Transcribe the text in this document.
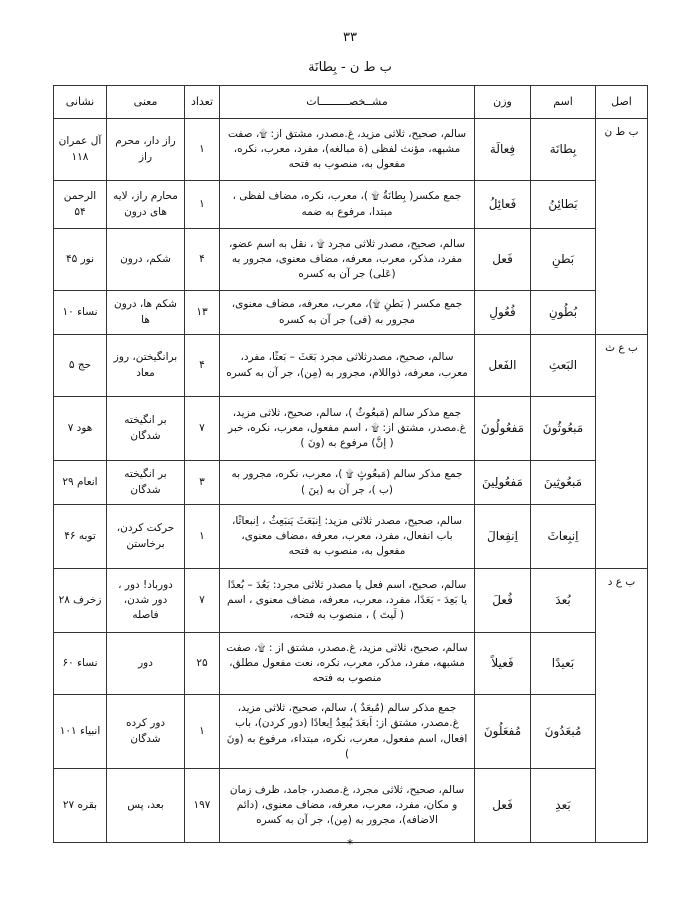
۳۳
ب ط ن - بِطانَة
اصل	اسم	وزن	مشــخصـــــــــات	تعداد	معنی	نشانی
ب ط ن	بِطانَة	فِعالَة	سالم، صحیح، ثلاثی مزید، غ.مصدر، مشتق از: ۩، صفت مشبهه، مؤنث لفظی (ة مبالغه)، مفرد، معرب، نکره، مفعول به، منصوب به فتحه	۱	راز دار، محرم راز	آل عمران ۱۱۸
	بَطائِنُ	فَعائِلُ	جمع مکسر( بِطانَةُ ۩ )، معرب، نکره، مضاف لفظی ، مبتدا، مرفوع به ضمه	۱	محارم راز، لایه های درون	الرحمن ۵۴
	بَطنِ	فَعل	سالم، صحیح، مصدر ثلاثی مجرد ۩ ، نقل به اسم عضو، مفرد، مذکر، معرب، معرفه، مضاف معنوی، مجرور به (عَلی) جر آن به کسره	۴	شکم، درون	نور ۴۵
	بُطُونِ	فُعُولِ	جمع مکسر ( بَطنِ ۩)، معرب، معرفه، مضاف معنوی، مجرور به (فی) جر آن به کسره	۱۳	شکم ها، درون ها	نساء ۱۰
ب ع ث	البَعثِ	الفَعل	سالم، صحیح، مصدرثلاثی مجرد بَعَثَ – بَعثًا، مفرد، معرب، معرفه، ذواللام، مجرور به (مِن)، جر آن به کسره	۴	برانگیختن، روز معاد	حج ۵
	مَبعُوثُونَ	مَفعُولُونَ	جمع مذکر سالم (مَبعُوثٌ )، سالم، صحیح، ثلاثی مزید، غ.مصدر، مشتق از: ۩ ، اسم مفعول، معرب، نکره، خبر ( إنَّ) مرفوع به (ونَ )	۷	بر انگیخته شدگان	هود ۷
	مَبعُوثِینَ	مَفعُولِینَ	جمع مذکر سالم (مَبعُوثٍ ۩ )، معرب، نکره، مجرور به (ب )، جر آن به (ینَ )	۳	بر انگیخته شدگان	انعام ۲۹
	اِنبِعاثَ	اِنفِعالَ	سالم، صحیح، مصدر ثلاثی مزید: اِنبَعَثَ یَنبَعِثُ ، اِنبعاثًا، باب انفعال، مفرد، معرب، معرفه ،مضاف معنوی، مفعول به، منصوب به فتحه	۱	حرکت کردن، برخاستن	توبه ۴۶
ب ع د	بُعدَ	فُعلَ	سالم، صحیح، اسم فعل یا مصدر ثلاثی مجرد: بَعُدَ – بُعدًا یا بَعِدَ - بَعَدًا، مفرد، معرب، معرفه، مضاف معنوی ، اسم ( لَیتَ ) ، منصوب به فتحه،	۷	دورباد! دور ، دور شدن، فاصله	زخرف ۲۸
	بَعیدًا	فَعیلاً	سالم، صحیح، ثلاثی مزید، غ.مصدر، مشتق از : ۩، صفت مشبهه، مفرد، مذکر، معرب، نکره، نعت مفعول مطلق، منصوب به فتحه	۲۵	دور	نساء ۶۰
	مُبعَدُونَ	مُفعَلُونَ	جمع مذکر سالم (مُبعَدٌ )، سالم، صحیح، ثلاثی مزید، غ.مصدر، مشتق از: اَبعَدَ یُبعِدُ اِبعادًا (دور کردن)، باب افعال، اسم مفعول، معرب، نکره، مبتداء، مرفوع به (ونَ )	۱	دور کرده شدگان	انبیاء ۱۰۱
	بَعدِ	فَعل	سالم، صحیح، ثلاثی مجرد، غ.مصدر، جامد، ظرف زمان و مکان، مفرد، معرب، معرفه، مضاف معنوی، (دائم الاضافه)، مجرور به (مِن)، جر آن به کسره	۱۹۷	بعد، پس	بقره ۲۷
*
